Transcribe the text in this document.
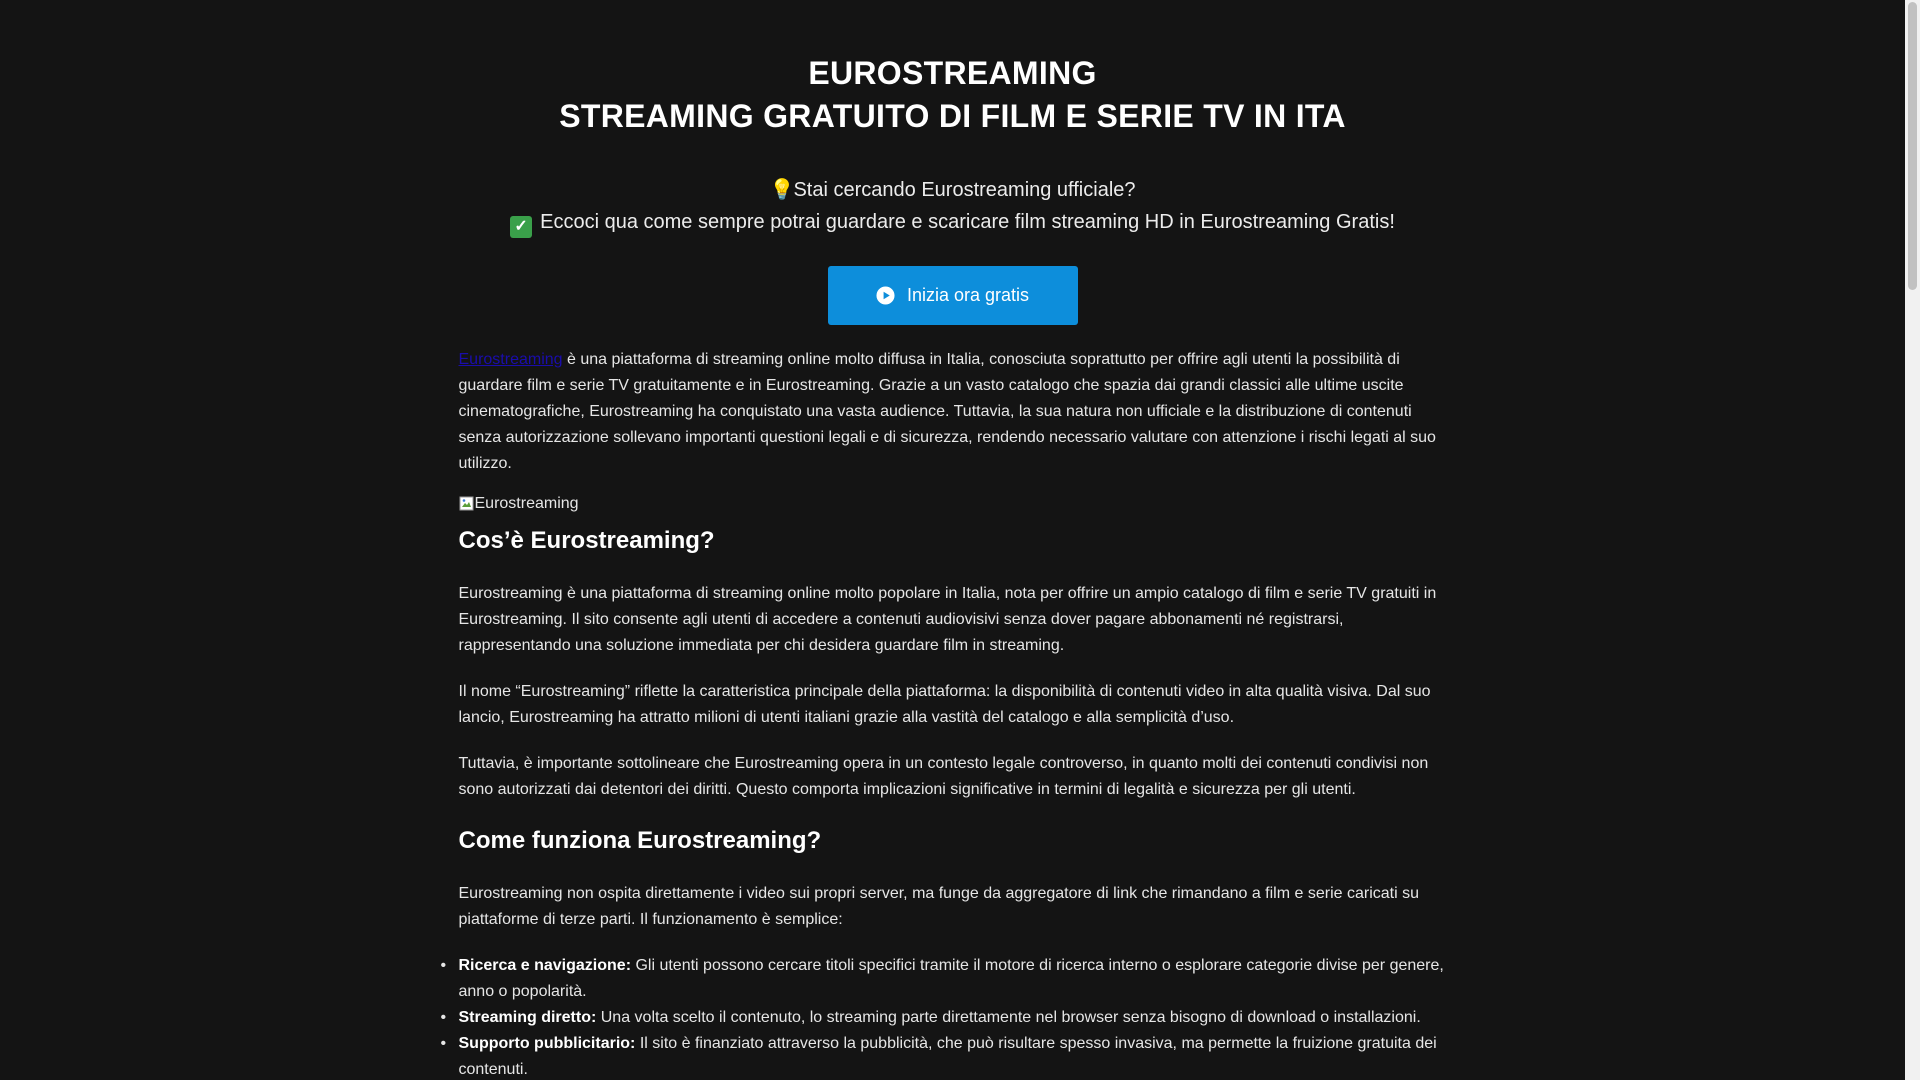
EUROSTREAMING
STREAMING GRATUITO DI FILM E SERIE TV IN ITA
💡Stai cercando Eurostreaming ufficiale?
✓ Eccoci qua come sempre potrai guardare e scaricare film streaming HD in Eurostreaming Gratis!
Inizia ora gratis

Eurostreaming è una piattaforma di streaming online molto diffusa in Italia, conosciuta soprattutto per offrire agli utenti la possibilità di guardare film e serie TV gratuitamente e in Eurostreaming. Grazie a un vasto catalogo che spazia dai grandi classici alle ultime uscite cinematografiche, Eurostreaming ha conquistato una vasta audience. Tuttavia, la sua natura non ufficiale e la distribuzione di contenuti senza autorizzazione sollevano importanti questioni legali e di sicurezza, rendendo necessario valutare con attenzione i rischi legati al suo utilizzo.

Eurostreaming
Cos’è Eurostreaming?

Eurostreaming è una piattaforma di streaming online molto popolare in Italia, nota per offrire un ampio catalogo di film e serie TV gratuiti in Eurostreaming. Il sito consente agli utenti di accedere a contenuti audiovisivi senza dover pagare abbonamenti né registrarsi, rappresentando una soluzione immediata per chi desidera guardare film in streaming.

Il nome “Eurostreaming” riflette la caratteristica principale della piattaforma: la disponibilità di contenuti video in alta qualità visiva. Dal suo lancio, Eurostreaming ha attratto milioni di utenti italiani grazie alla vastità del catalogo e alla semplicità d’uso.

Tuttavia, è importante sottolineare che Eurostreaming opera in un contesto legale controverso, in quanto molti dei contenuti condivisi non sono autorizzati dai detentori dei diritti. Questo comporta implicazioni significative in termini di legalità e sicurezza per gli utenti.

Come funziona Eurostreaming?

Eurostreaming non ospita direttamente i video sui propri server, ma funge da aggregatore di link che rimandano a film e serie caricati su piattaforme di terze parti. Il funzionamento è semplice:

• Ricerca e navigazione: Gli utenti possono cercare titoli specifici tramite il motore di ricerca interno o esplorare categorie divise per genere, anno o popolarità.
• Streaming diretto: Una volta scelto il contenuto, lo streaming parte direttamente nel browser senza bisogno di download o installazioni.
• Supporto pubblicitario: Il sito è finanziato attraverso la pubblicità, che può risultare spesso invasiva, ma permette la fruizione gratuita dei contenuti.
